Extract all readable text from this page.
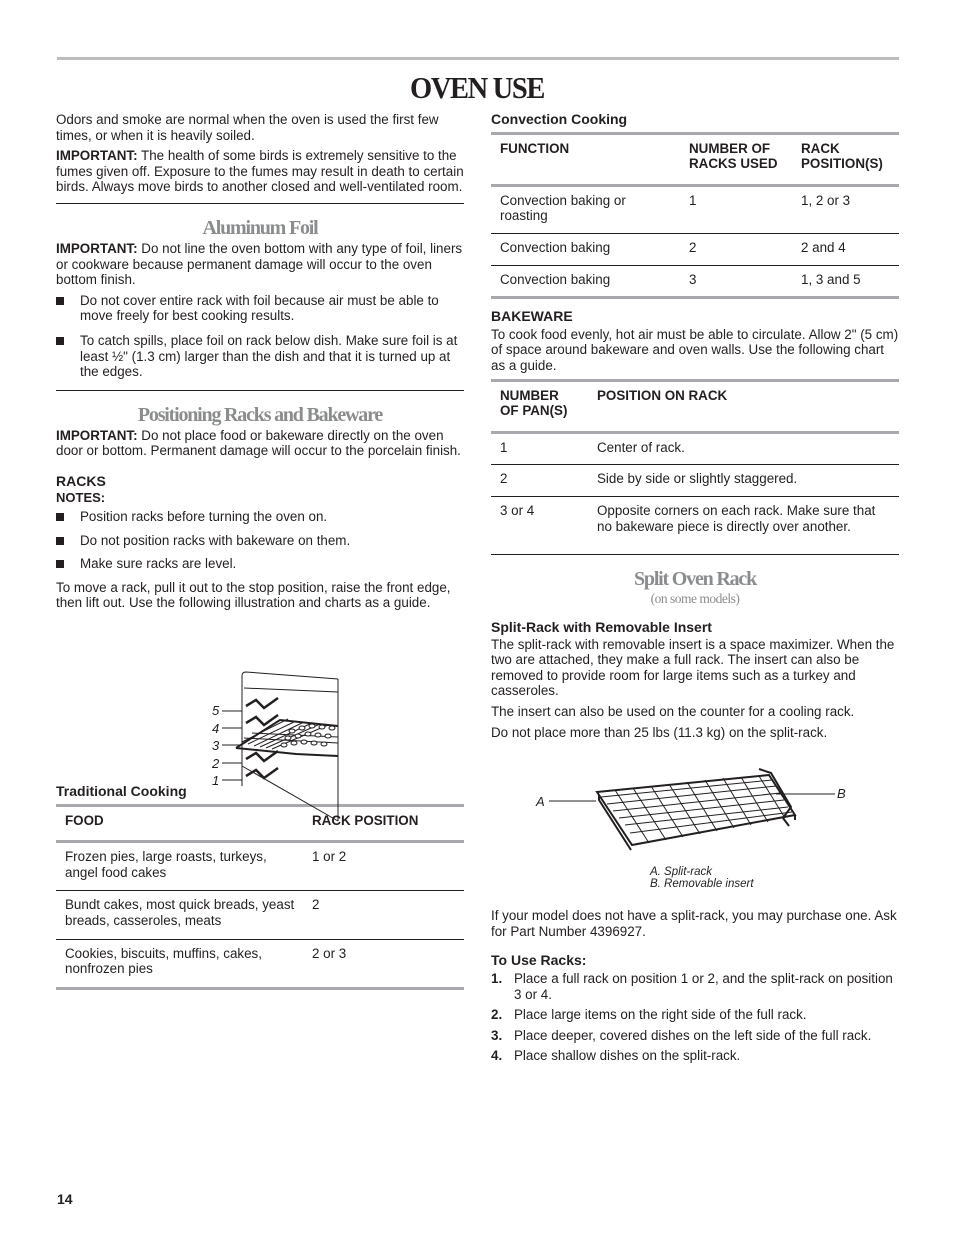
OVEN USE

Odors and smoke are normal when the oven is used the first few times, or when it is heavily soiled.

IMPORTANT: The health of some birds is extremely sensitive to the fumes given off. Exposure to the fumes may result in death to certain birds. Always move birds to another closed and well-ventilated room.

Aluminum Foil

IMPORTANT: Do not line the oven bottom with any type of foil, liners or cookware because permanent damage will occur to the oven bottom finish.

Do not cover entire rack with foil because air must be able to move freely for best cooking results.
To catch spills, place foil on rack below dish. Make sure foil is at least ½" (1.3 cm) larger than the dish and that it is turned up at the edges.
Positioning Racks and Bakeware

IMPORTANT: Do not place food or bakeware directly on the oven door or bottom. Permanent damage will occur to the porcelain finish.

RACKS
NOTES:
Position racks before turning the oven on.
Do not position racks with bakeware on them.
Make sure racks are level.

To move a rack, pull it out to the stop position, raise the front edge, then lift out. Use the following illustration and charts as a guide.

5
4
3
2
1
Traditional Cooking
FOOD	RACK POSITION
Frozen pies, large roasts, turkeys, angel food cakes	1 or 2
Bundt cakes, most quick breads, yeast breads, casseroles, meats	2
Cookies, biscuits, muffins, cakes, nonfrozen pies	2 or 3
Convection Cooking
FUNCTION	NUMBER OF RACKS USED	RACK POSITION(S)
Convection baking or roasting	1	1, 2 or 3
Convection baking	2	2 and 4
Convection baking	3	1, 3 and 5
BAKEWARE

To cook food evenly, hot air must be able to circulate. Allow 2" (5 cm) of space around bakeware and oven walls. Use the following chart as a guide.

NUMBER OF PAN(S)	POSITION ON RACK
1	Center of rack.
2	Side by side or slightly staggered.
3 or 4	Opposite corners on each rack. Make sure that no bakeware piece is directly over another.
Split Oven Rack
(on some models)
Split-Rack with Removable Insert

The split-rack with removable insert is a space maximizer. When the two are attached, they make a full rack. The insert can also be removed to provide room for large items such as a turkey and casseroles.

The insert can also be used on the counter for a cooling rack.

Do not place more than 25 lbs (11.3 kg) on the split-rack.

A
B
A. Split-rack
B. Removable insert

If your model does not have a split-rack, you may purchase one. Ask for Part Number 4396927.

To Use Racks:
1. Place a full rack on position 1 or 2, and the split-rack on position 3 or 4.
2. Place large items on the right side of the full rack.
3. Place deeper, covered dishes on the left side of the full rack.
4. Place shallow dishes on the split-rack.
14
